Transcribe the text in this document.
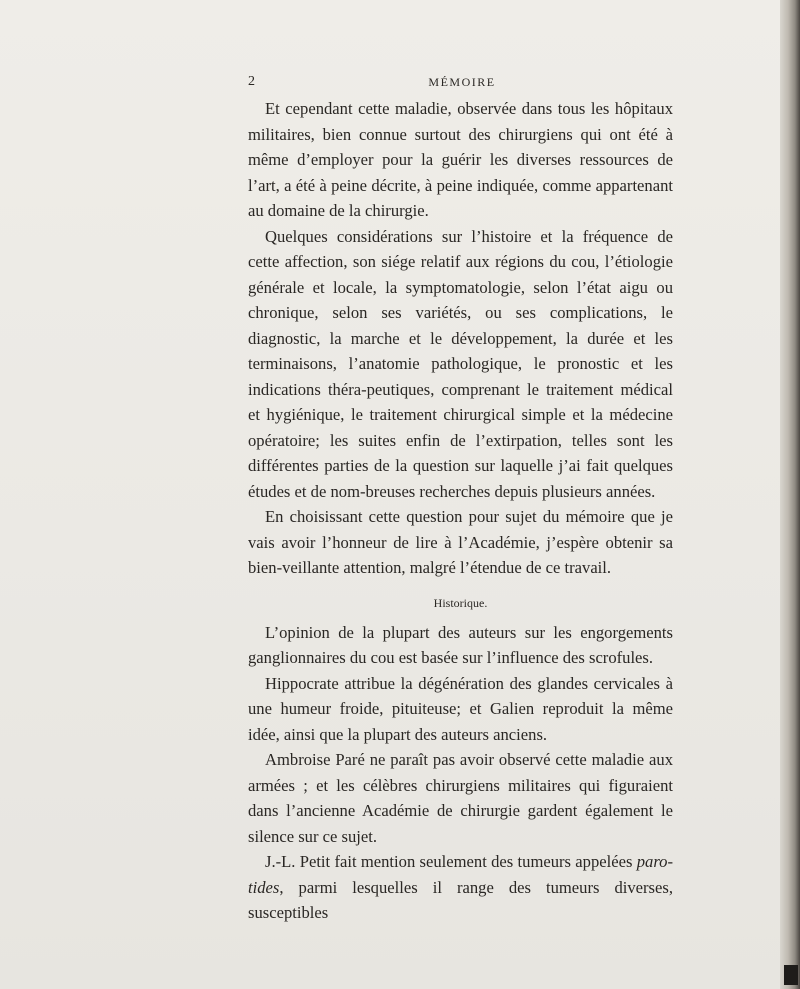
2	MÉMOIRE

Et cependant cette maladie, observée dans tous les hôpitaux militaires, bien connue surtout des chirurgiens qui ont été à même d’employer pour la guérir les diverses ressources de l’art, a été à peine décrite, à peine indiquée, comme appartenant au domaine de la chirurgie.

Quelques considérations sur l’histoire et la fréquence de cette affection, son siége relatif aux régions du cou, l’étiologie générale et locale, la symptomatologie, selon l’état aigu ou chronique, selon ses variétés, ou ses complications, le diagnostic, la marche et le développement, la durée et les terminaisons, l’anatomie pathologique, le pronostic et les indications théra-peutiques, comprenant le traitement médical et hygiénique, le traitement chirurgical simple et la médecine opératoire; les suites enfin de l’extirpation, telles sont les différentes parties de la question sur laquelle j’ai fait quelques études et de nom-breuses recherches depuis plusieurs années.

En choisissant cette question pour sujet du mémoire que je vais avoir l’honneur de lire à l’Académie, j’espère obtenir sa bien-veillante attention, malgré l’étendue de ce travail.

Historique.

L’opinion de la plupart des auteurs sur les engorgements ganglionnaires du cou est basée sur l’influence des scrofules.

Hippocrate attribue la dégénération des glandes cervicales à une humeur froide, pituiteuse; et Galien reproduit la même idée, ainsi que la plupart des auteurs anciens.

Ambroise Paré ne paraît pas avoir observé cette maladie aux armées ; et les célèbres chirurgiens militaires qui figuraient dans l’ancienne Académie de chirurgie gardent également le silence sur ce sujet.

J.-L. Petit fait mention seulement des tumeurs appelées paro-tides, parmi lesquelles il range des tumeurs diverses, susceptibles
